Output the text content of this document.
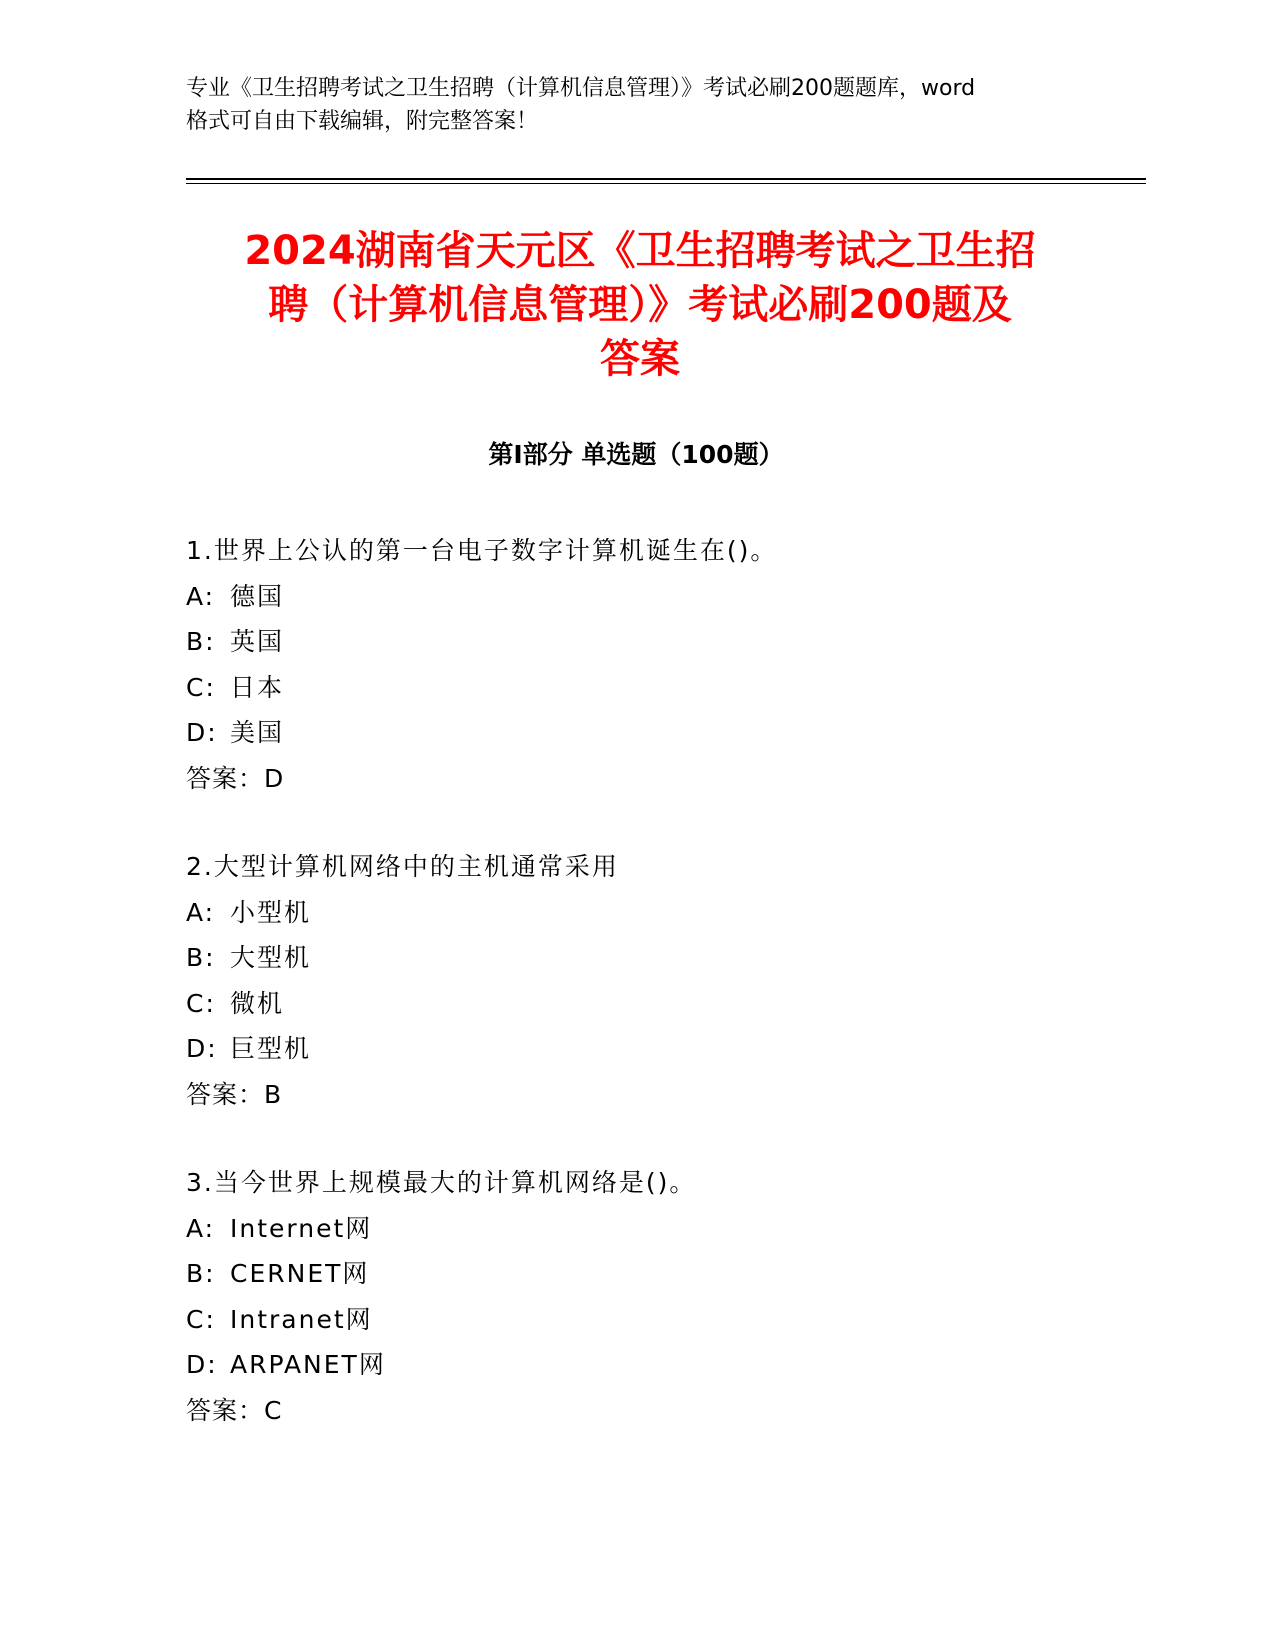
专业《卫生招聘考试之卫生招聘（计算机信息管理）》考试必刷200题题库，word
格式可自由下载编辑，附完整答案！
2024湖南省天元区《卫生招聘考试之卫生招
聘（计算机信息管理）》考试必刷200题及
答案
第Ⅰ部分 单选题（100题）
1.世界上公认的第一台电子数字计算机诞生在()。
A: 德国
B: 英国
C: 日本
D: 美国
答案：D
2.大型计算机网络中的主机通常采用
A: 小型机
B: 大型机
C: 微机
D: 巨型机
答案：B
3.当今世界上规模最大的计算机网络是()。
A: Internet网
B: CERNET网
C: Intranet网
D: ARPANET网
答案：C
